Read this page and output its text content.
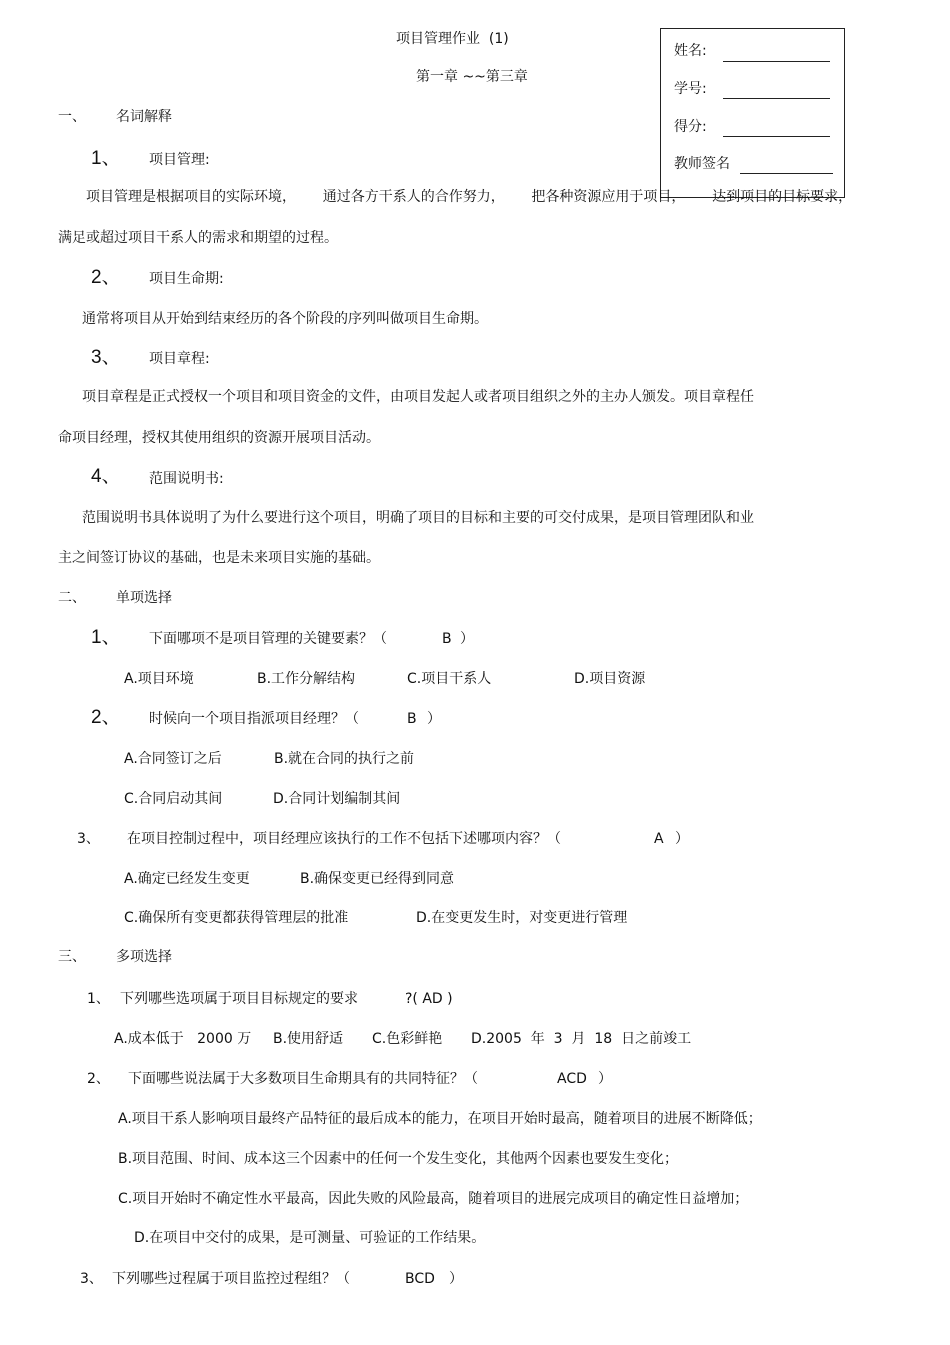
项目管理作业  (1)
第一章 ~~第三章
姓名:
学号:
得分:
教师签名
一、 名词解释
1、 项目管理:
项目管理是根据项目的实际环境，      通过各方干系人的合作努力，      把各种资源应用于项目，      达到项目的目标要求，
满足或超过项目干系人的需求和期望的过程。
2、 项目生命期:
通常将项目从开始到结束经历的各个阶段的序列叫做项目生命期。
3、 项目章程:
项目章程是正式授权一个项目和项目资金的文件，由项目发起人或者项目组织之外的主办人颁发。项目章程任
命项目经理，授权其使用组织的资源开展项目活动。
4、 范围说明书:
范围说明书具体说明了为什么要进行这个项目，明确了项目的目标和主要的可交付成果，是项目管理团队和业
主之间签订协议的基础，也是未来项目实施的基础。
二、 单项选择
1、 下面哪项不是项目管理的关键要素？（	B ）
A.项目环境	B.工作分解结构	C.项目干系人	D.项目资源
2、 时候向一个项目指派项目经理？（	B ）
A.合同签订之后	B.就在合同的执行之前
C.合同启动其间	D.合同计划编制其间
3、 在项目控制过程中，项目经理应该执行的工作不包括下述哪项内容？（	A ）
A.确定已经发生变更	B.确保变更已经得到同意
C.确保所有变更都获得管理层的批准	D.在变更发生时，对变更进行管理
三、 多项选择
1、 下列哪些选项属于项目目标规定的要求	?( AD )
A.成本低于   2000 万 B.使用舒适 C.色彩鲜艳 D.2005  年  3  月  18  日之前竣工
2、 下面哪些说法属于大多数项目生命期具有的共同特征？（	ACD ）
A.项目干系人影响项目最终产品特征的最后成本的能力，在项目开始时最高，随着项目的进展不断降低；
B.项目范围、时间、成本这三个因素中的任何一个发生变化，其他两个因素也要发生变化；
C.项目开始时不确定性水平最高，因此失败的风险最高，随着项目的进展完成项目的确定性日益增加；
D.在项目中交付的成果，是可测量、可验证的工作结果。
3、 下列哪些过程属于项目监控过程组？（	BCD ）
